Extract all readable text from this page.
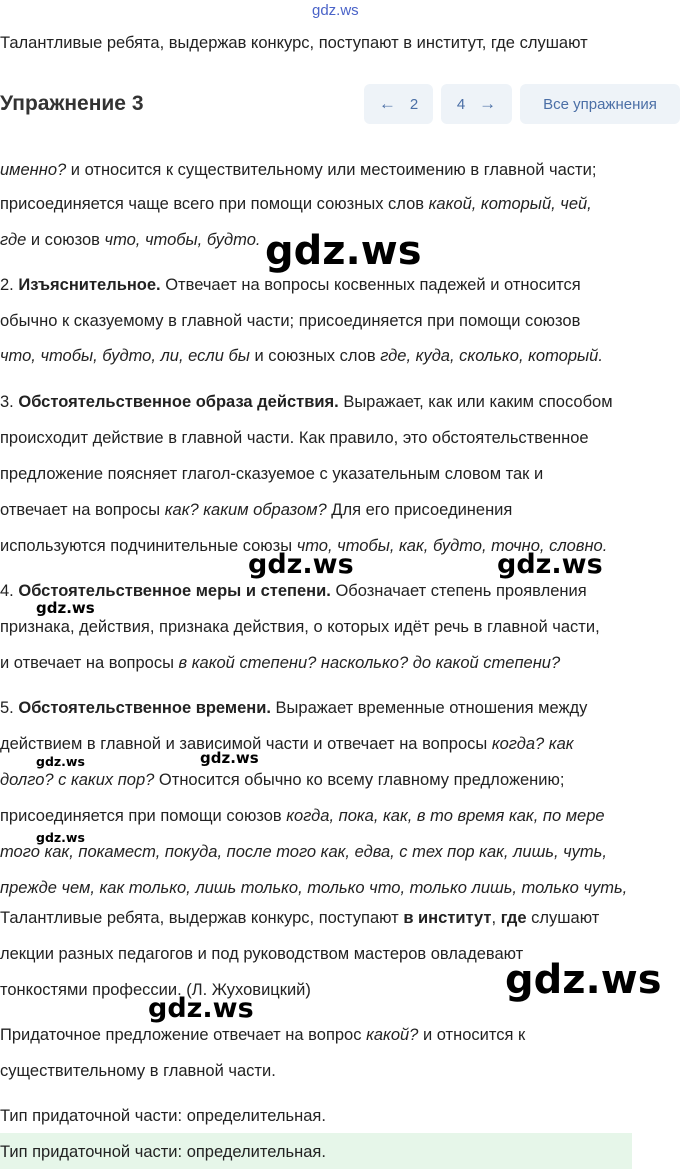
gdz.ws
Талантливые ребята, выдержав конкурс, поступают в институт, где слушают
Упражнение 3	← 2	4 →	Все упражнения
именно? и относится к существительному или местоимению в главной части;
присоединяется чаще всего при помощи союзных слов какой, который, чей,
где и союзов что, чтобы, будто.
2. Изъяснительное. Отвечает на вопросы косвенных падежей и относится
обычно к сказуемому в главной части; присоединяется при помощи союзов
что, чтобы, будто, ли, если бы и союзных слов где, куда, сколько, который.
3. Обстоятельственное образа действия. Выражает, как или каким способом
происходит действие в главной части. Как правило, это обстоятельственное
предложение поясняет глагол-сказуемое с указательным словом так и
отвечает на вопросы как? каким образом? Для его присоединения
используются подчинительные союзы что, чтобы, как, будто, точно, словно.
4. Обстоятельственное меры и степени. Обозначает степень проявления
признака, действия, признака действия, о которых идёт речь в главной части,
и отвечает на вопросы в какой степени? насколько? до какой степени?
5. Обстоятельственное времени. Выражает временные отношения между
действием в главной и зависимой части и отвечает на вопросы когда? как
долго? с каких пор? Относится обычно ко всему главному предложению;
присоединяется при помощи союзов когда, пока, как, в то время как, по мере
того как, покамест, покуда, после того как, едва, с тех пор как, лишь, чуть,
прежде чем, как только, лишь только, только что, только лишь, только чуть,
Талантливые ребята, выдержав конкурс, поступают в институт, где слушают
лекции разных педагогов и под руководством мастеров овладевают
тонкостями профессии. (Л. Жуховицкий)
Придаточное предложение отвечает на вопрос какой? и относится к
существительному в главной части.
Тип придаточной части: определительная.
Тип придаточной части: определительная.
gdz.ws
gdz.ws	gdz.ws
gdz.ws
gdz.ws	gdz.ws
gdz.ws
gdz.ws
gdz.ws
